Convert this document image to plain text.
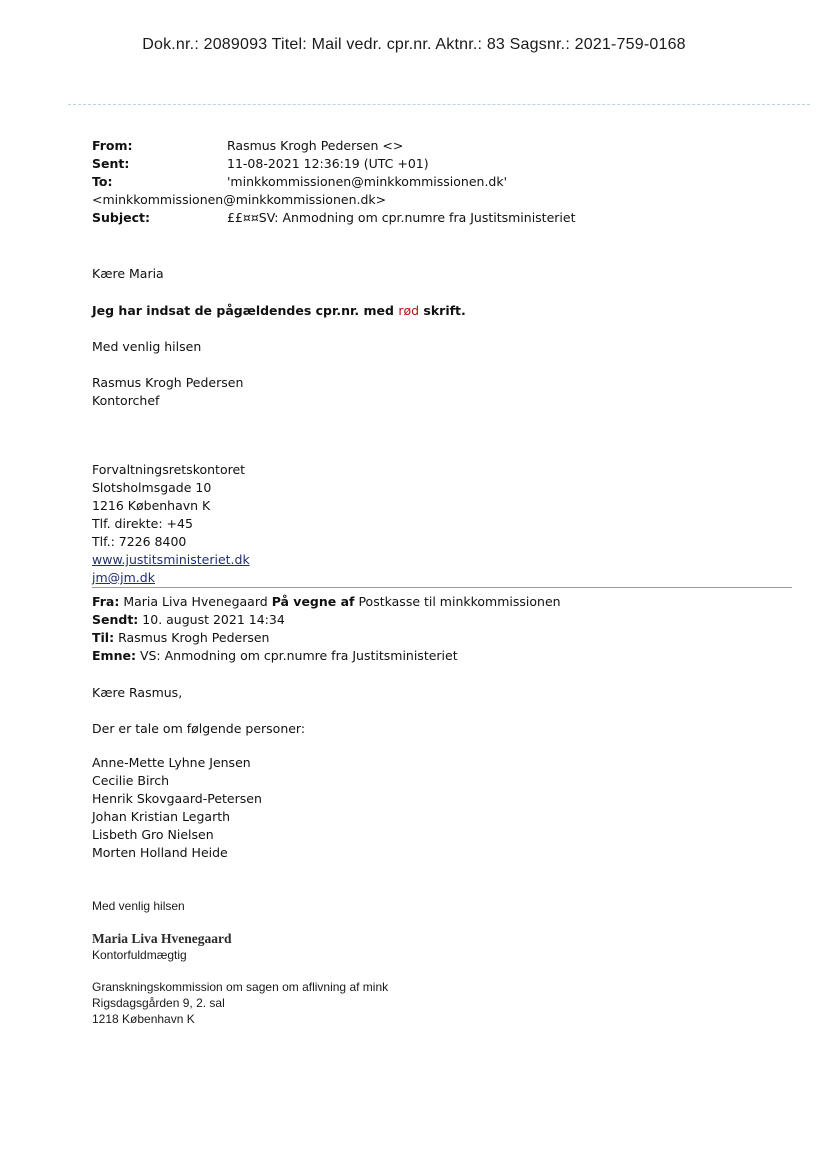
Dok.nr.: 2089093 Titel: Mail vedr. cpr.nr. Aktnr.: 83 Sagsnr.: 2021-759-0168
From:	Rasmus Krogh Pedersen <>
Sent:	11-08-2021 12:36:19 (UTC +01)
To:	'minkkommissionen@minkkommissionen.dk'
<minkkommissionen@minkkommissionen.dk>
Subject:	££¤¤SV: Anmodning om cpr.numre fra Justitsministeriet
Kære Maria
Jeg har indsat de pågældendes cpr.nr. med rød skrift.
Med venlig hilsen
Rasmus Krogh Pedersen
Kontorchef
Forvaltningsretskontoret
Slotsholmsgade 10
1216 København K
Tlf. direkte: +45
Tlf.: 7226 8400
www.justitsministeriet.dk
jm@jm.dk
Fra: Maria Liva Hvenegaard På vegne af Postkasse til minkkommissionen
Sendt: 10. august 2021 14:34
Til: Rasmus Krogh Pedersen
Emne: VS: Anmodning om cpr.numre fra Justitsministeriet
Kære Rasmus,
Der er tale om følgende personer:
Anne-Mette Lyhne Jensen
Cecilie Birch
Henrik Skovgaard-Petersen
Johan Kristian Legarth
Lisbeth Gro Nielsen
Morten Holland Heide
Med venlig hilsen
Maria Liva Hvenegaard
Kontorfuldmægtig
Granskningskommission om sagen om aflivning af mink
Rigsdagsgården 9, 2. sal
1218 København K
